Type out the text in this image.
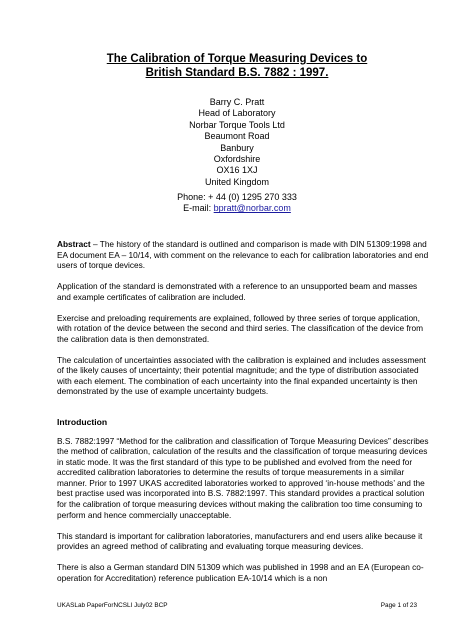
The Calibration of Torque Measuring Devices to
British Standard B.S. 7882 : 1997.
Barry C. Pratt
Head of Laboratory
Norbar Torque Tools Ltd
Beaumont Road
Banbury
Oxfordshire
OX16 1XJ
United Kingdom
Phone: + 44 (0) 1295 270 333
E-mail: bpratt@norbar.com

Abstract – The history of the standard is outlined and comparison is made with DIN 51309:1998 and EA document EA – 10/14, with comment on the relevance to each for calibration laboratories and end users of torque devices.

Application of the standard is demonstrated with a reference to an unsupported beam and masses and example certificates of calibration are included.

Exercise and preloading requirements are explained, followed by three series of torque application, with rotation of the device between the second and third series. The classification of the device from the calibration data is then demonstrated.

The calculation of uncertainties associated with the calibration is explained and includes assessment of the likely causes of uncertainty; their potential magnitude; and the type of distribution associated with each element. The combination of each uncertainty into the final expanded uncertainty is then demonstrated by the use of example uncertainty budgets.

Introduction

B.S. 7882:1997 “Method for the calibration and classification of Torque Measuring Devices” describes the method of calibration, calculation of the results and the classification of torque measuring devices in static mode. It was the first standard of this type to be published and evolved from the need for accredited calibration laboratories to determine the results of torque measurements in a similar manner. Prior to 1997 UKAS accredited laboratories worked to approved ‘in-house methods’ and the best practise used was incorporated into B.S. 7882:1997. This standard provides a practical solution for the calibration of torque measuring devices without making the calibration too time consuming to perform and hence commercially unacceptable.

This standard is important for calibration laboratories, manufacturers and end users alike because it provides an agreed method of calibrating and evaluating torque measuring devices.

There is also a German standard DIN 51309 which was published in 1998 and an EA (European co-operation for Accreditation) reference publication EA-10/14 which is a non

UKASLab PaperForNCSLI July02 BCP	Page 1 of 23
